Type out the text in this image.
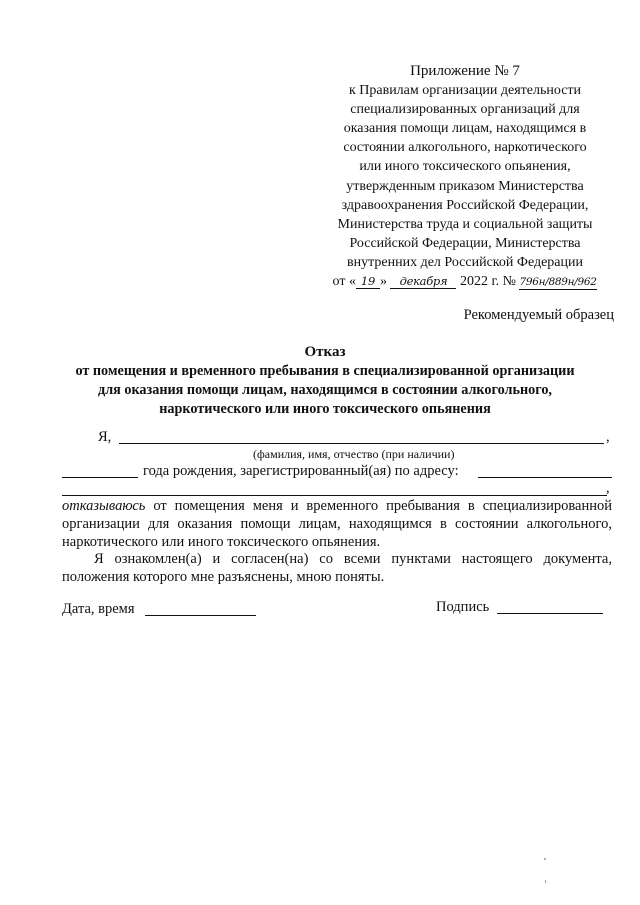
Приложение № 7
к Правилам организации деятельности
специализированных организаций для
оказания помощи лицам, находящимся в
состоянии алкогольного, наркотического
или иного токсического опьянения,
утвержденным приказом Министерства
здравоохранения Российской Федерации,
Министерства труда и социальной защиты
Российской Федерации, Министерства
внутренних дел Российской Федерации
от « 19 » декабря 2022 г. № 796н/889н/962
Рекомендуемый образец
Отказ
от помещения и временного пребывания в специализированной организации
для оказания помощи лицам, находящимся в состоянии алкогольного,
наркотического или иного токсического опьянения
Я,	,
(фамилия, имя, отчество (при наличии)
года рождения, зарегистрированный(ая) по адресу:
,
отказываюсь от помещения меня и временного пребывания в специализированной
организации для оказания помощи лицам, находящимся в состоянии алкогольного,
наркотического или иного токсического опьянения.
Я ознакомлен(а) и согласен(на) со всеми пунктами настоящего документа,
положения которого мне разъяснены, мною поняты.
Дата, время	Подпись
